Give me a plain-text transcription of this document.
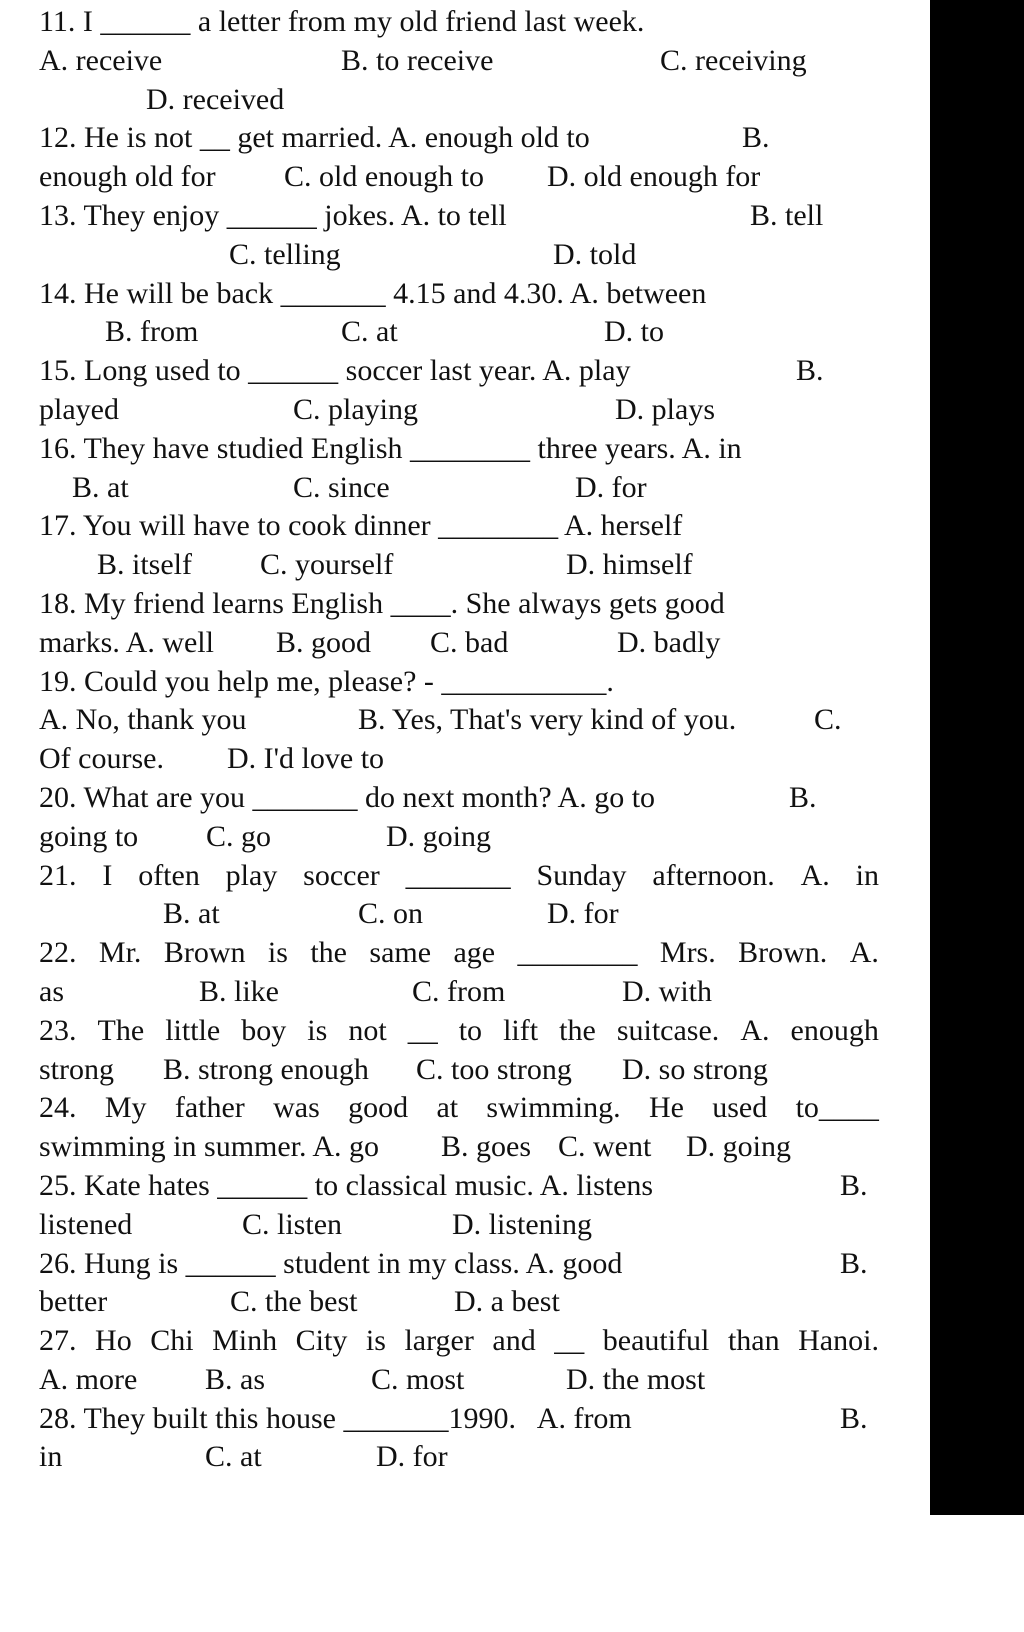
11. I ______ a letter from my old friend last week.

A. receive

	B. to receive

	C. receiving

D. received

12. He is not __ get married. A. enough old to

	B.

enough old for

C. old enough to

D. old enough for

13. They enjoy ______ jokes. A. to tell

	B. tell

C. telling

	D. told

14. He will be back _______ 4.15 and 4.30. A. between

B. from

	C. at

	D. to

15. Long used to ______ soccer last year. A. play

	B.

played

	C. playing

	D. plays

16. They have studied English ________ three years. A. in

B. at

	C. since

	D. for

17. You will have to cook dinner ________ A. herself

B. itself

C. yourself

	D. himself

18. My friend learns English ____. She always gets good

marks. A. well

B. good

C. bad

	D. badly

19. Could you help me, please? - ___________.

A. No, thank you

	B. Yes, That's very kind of you.

	C.

Of course.

D. I'd love to

20. What are you _______ do next month? A. go to

	B.

going to

C. go

	D. going

21. I often play soccer _______ Sunday afternoon. A. in

B. at

	C. on

	D. for

22. Mr. Brown is the same age ________ Mrs. Brown. A.

as

	B. like

	C. from

	D. with

23. The little boy is not __ to lift the suitcase. A. enough

strong

B. strong enough

C. too strong

D. so strong

24. My father was good at swimming. He used to____

swimming in summer. A. go

B. goes

C. went

D. going

25. Kate hates ______ to classical music. A. listens

	B.

listened

	C. listen

	D. listening

26. Hung is ______ student in my class. A. good

	B.

better

	C. the best

	D. a best

27. Ho Chi Minh City is larger and __ beautiful than Hanoi.

A. more

B. as

	C. most

	D. the most

28. They built this house _______1990.   A. from

	B.

in

	C. at

	D. for
